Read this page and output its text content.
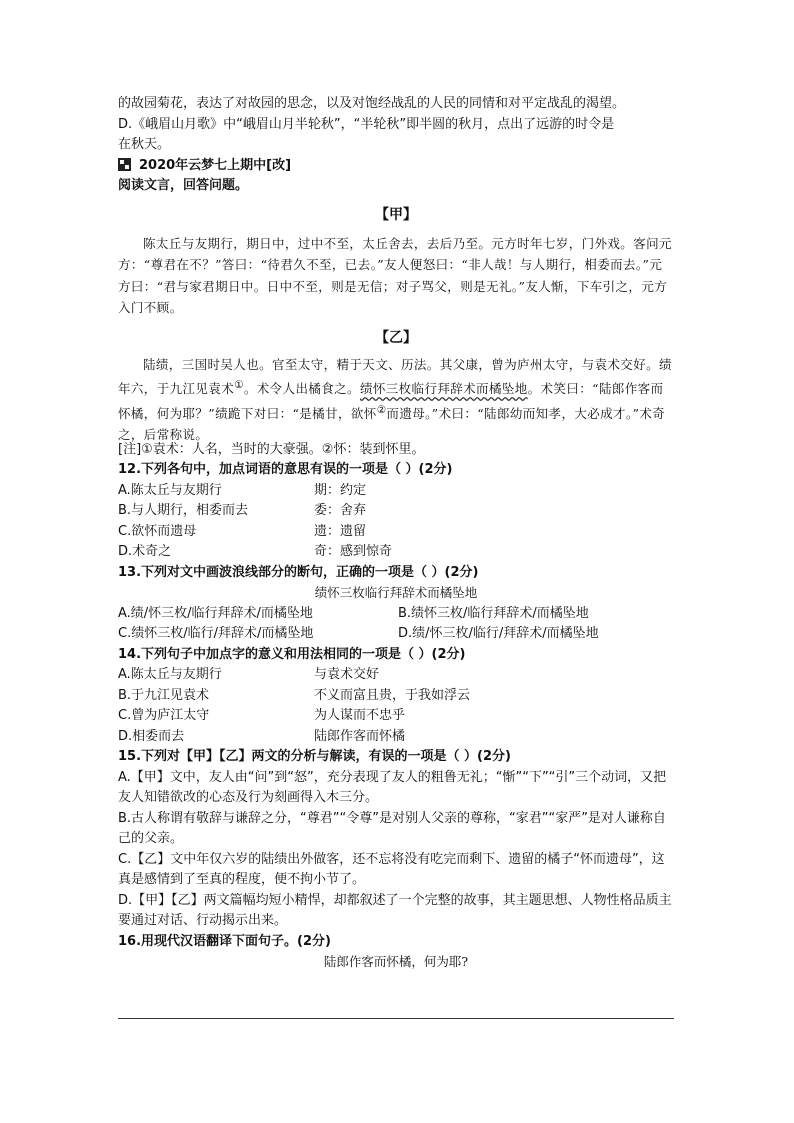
的故园菊花，表达了对故园的思念，以及对饱经战乱的人民的同情和对平定战乱的渴望。
D.《峨眉山月歌》中“峨眉山月半轮秋”，“半轮秋”即半圆的秋月，点出了远游的时令是
在秋天。
2020年云梦七上期中[改]
阅读文言，回答问题。
【甲】
陈太丘与友期行，期日中，过中不至，太丘舍去，去后乃至。元方时年七岁，门外戏。客问元方：“尊君在不？”答曰：“待君久不至，已去。”友人便怒曰：“非人哉！与人期行，相委而去。”元方曰：“君与家君期日中。日中不至，则是无信；对子骂父，则是无礼。”友人惭，下车引之，元方入门不顾。
【乙】
陆绩，三国时吴人也。官至太守，精于天文、历法。其父康，曾为庐州太守，与袁术交好。绩年六，于九江见袁术①。术令人出橘食之。绩怀三枚临行拜辞术而橘坠地。术笑曰：“陆郎作客而怀橘，何为耶？”绩跪下对曰：“是橘甘，欲怀②而遗母。”术曰：“陆郎幼而知孝，大必成才。”术奇之，后常称说。
[注]①袁术：人名，当时的大豪强。②怀：装到怀里。
12.下列各句中，加点词语的意思有误的一项是（ ）(2分)
A.陈太丘与友期行	期：约定
B.与人期行，相委而去	委：舍弃
C.欲怀而遗母	遗：遗留
D.术奇之	奇：感到惊奇
13.下列对文中画波浪线部分的断句，正确的一项是（ ）(2分)
绩怀三枚临行拜辞术而橘坠地
A.绩/怀三枚/临行拜辞术/而橘坠地	B.绩怀三枚/临行拜辞术/而橘坠地
C.绩怀三枚/临行/拜辞术/而橘坠地	D.绩/怀三枚/临行/拜辞术/而橘坠地
14.下列句子中加点字的意义和用法相同的一项是（ ）(2分)
A.陈太丘与友期行	与袁术交好
B.于九江见袁术	不义而富且贵，于我如浮云
C.曾为庐江太守	为人谋而不忠乎
D.相委而去	陆郎作客而怀橘
15.下列对【甲】【乙】两文的分析与解读，有误的一项是（ ）(2分)
A.【甲】文中，友人由“问”到“怒”，充分表现了友人的粗鲁无礼；“惭”“下”“引”三个动词，又把友人知错欲改的心态及行为刻画得入木三分。
B.古人称谓有敬辞与谦辞之分，“尊君”“令尊”是对别人父亲的尊称，“家君”“家严”是对人谦称自己的父亲。
C.【乙】文中年仅六岁的陆绩出外做客，还不忘将没有吃完而剩下、遗留的橘子“怀而遗母”，这真是感情到了至真的程度，便不拘小节了。
D.【甲】【乙】两文篇幅均短小精悍，却都叙述了一个完整的故事，其主题思想、人物性格品质主要通过对话、行动揭示出来。
16.用现代汉语翻译下面句子。(2分)
陆郎作客而怀橘，何为耶?
